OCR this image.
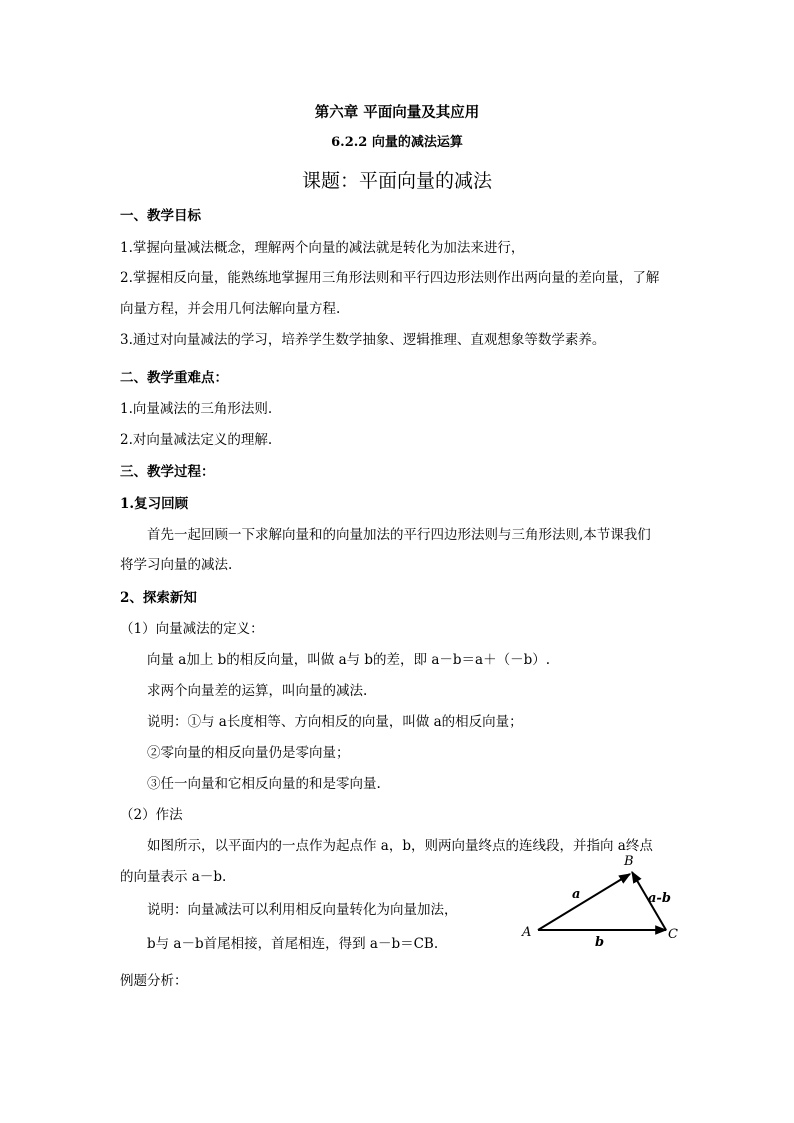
第六章 平面向量及其应用
6.2.2 向量的减法运算
课题：平面向量的减法
一、教学目标
1.掌握向量减法概念，理解两个向量的减法就是转化为加法来进行，
2.掌握相反向量，能熟练地掌握用三角形法则和平行四边形法则作出两向量的差向量，了解
向量方程，并会用几何法解向量方程.
3.通过对向量减法的学习，培养学生数学抽象、逻辑推理、直观想象等数学素养。
二、教学重难点：
1.向量减法的三角形法则.
2.对向量减法定义的理解.
三、教学过程：
1.复习回顾
首先一起回顾一下求解向量和的向量加法的平行四边形法则与三角形法则,本节课我们
将学习向量的减法.
2、探索新知
（1）向量减法的定义：
向量 a加上 b的相反向量，叫做 a与 b的差，即 a－b＝a＋（－b）.
求两个向量差的运算，叫向量的减法.
说明：①与 a长度相等、方向相反的向量，叫做 a的相反向量；
②零向量的相反向量仍是零向量；
③任一向量和它相反向量的和是零向量.
（2）作法
如图所示，以平面内的一点作为起点作 a，b，则两向量终点的连线段，并指向 a终点
的向量表示 a－b.
说明：向量减法可以利用相反向量转化为向量加法，
b与 a－b首尾相接，首尾相连，得到 a－b＝CB.
例题分析：
A
B
C
a
b
a-b
